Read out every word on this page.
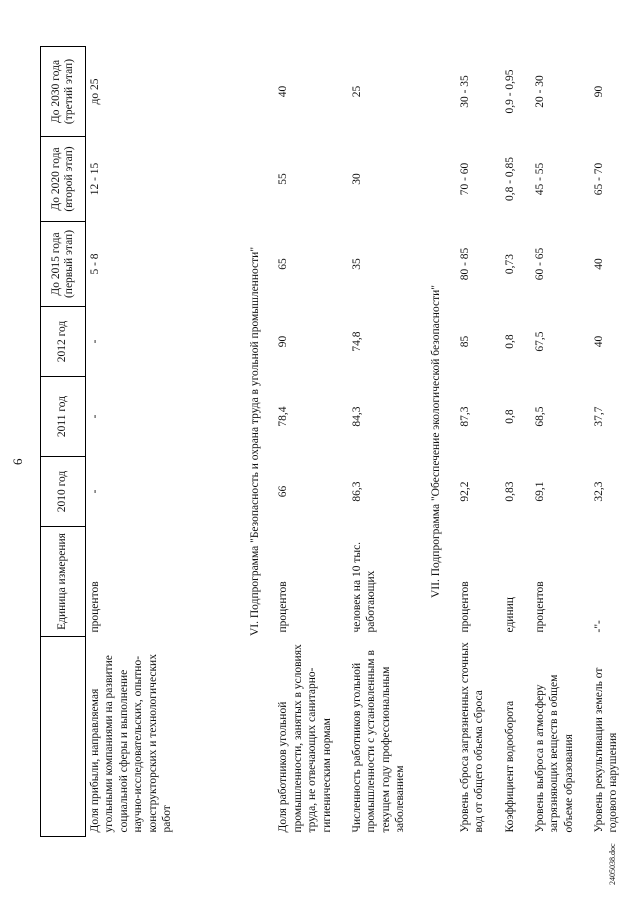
6
	Единица измерения	2010 год	2011 год	2012 год	До 2015 года (первый этап)	До 2020 года (второй этап)	До 2030 года (третий этап)
Доля прибыли, направляемая угольными компаниями на развитие социальной сферы и выполнение научно-исследовательских, опытно-конструкторских и технологических работ	процентов	-	-	-	5 - 8	12 - 15	до 25
VI. Подпрограмма "Безопасность и охрана труда в угольной промышленности"							
Доля работников угольной промышленности, занятых в условиях труда, не отвечающих санитарно-гигиеническим нормам	процентов	66	78,4	90	65	55	40
Численность работников угольной промышленности с установленным в текущем году профессиональным заболеванием	человек на 10 тыс. работающих	86,3	84,3	74,8	35	30	25
VII. Подпрограмма "Обеспечение экологической безопасности"							
Уровень сброса загрязненных сточных вод от общего объема сброса	процентов	92,2	87,3	85	80 - 85	70 - 60	30 - 35
Коэффициент водооборота	единиц	0,83	0,8	0,8	0,73	0,8 - 0,85	0,9 - 0,95
Уровень выброса в атмосферу загрязняющих веществ в общем объеме образования	процентов	69,1	68,5	67,5	60 - 65	45 - 55	20 - 30
Уровень рекультивации земель от годового нарушения	-"-	32,3	37,7	40	40	65 - 70	90
2405038.doc
